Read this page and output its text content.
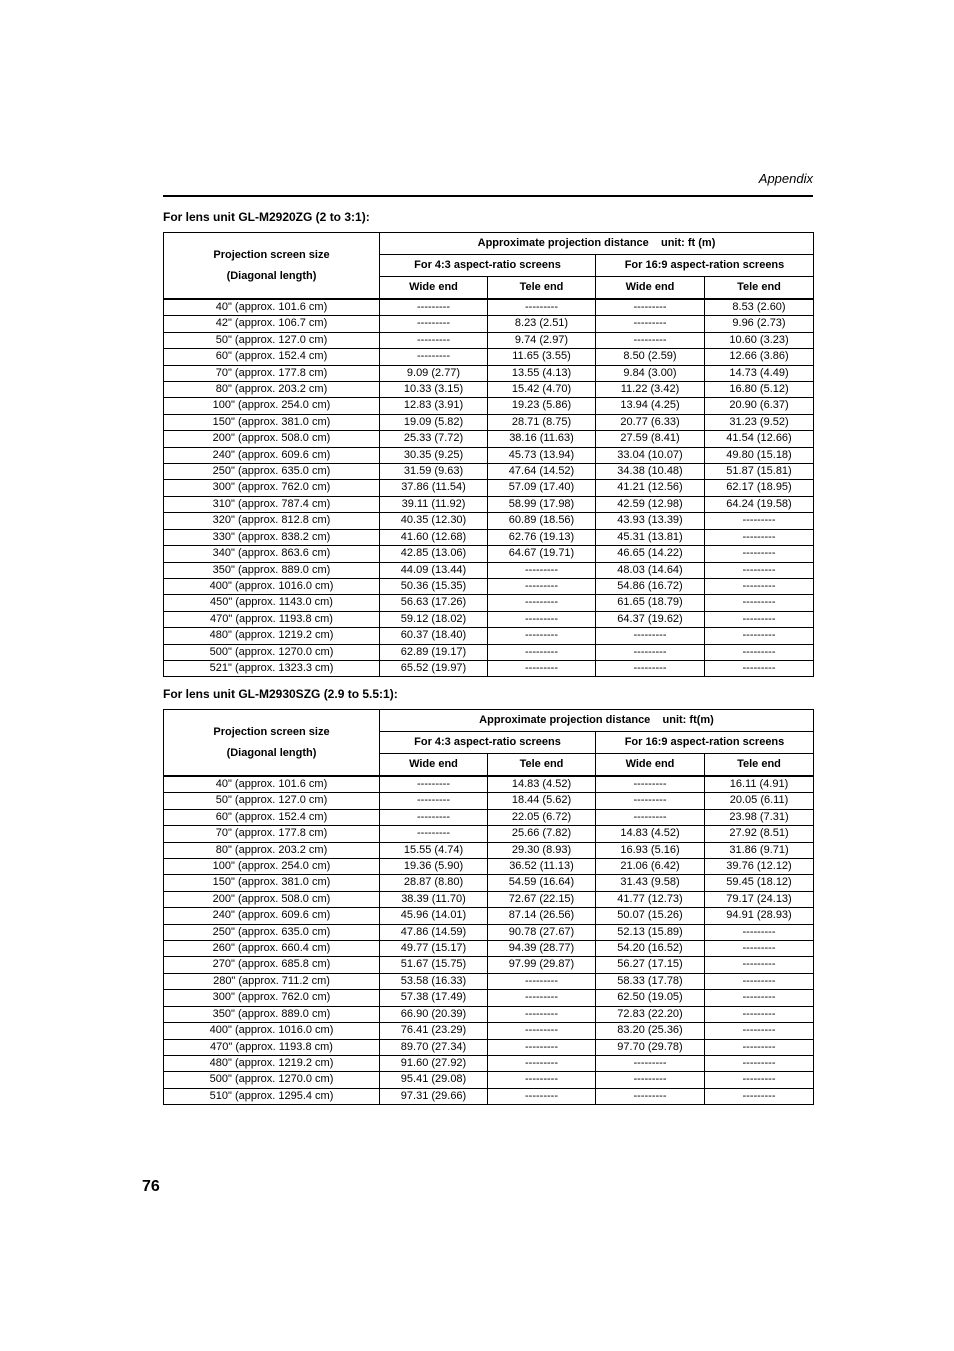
Appendix
For lens unit GL-M2920ZG (2 to 3:1):
Projection screen size
(Diagonal length)	Approximate projection distance    unit: ft (m)			
	For 4:3 aspect-ratio screens		For 16:9 aspect-ration screens	
	Wide end	Tele end	Wide end	Tele end
40" (approx. 101.6 cm)	---------	---------	---------	8.53 (2.60)
42" (approx. 106.7 cm)	---------	8.23 (2.51)	---------	9.96 (2.73)
50" (approx. 127.0 cm)	---------	9.74 (2.97)	---------	10.60 (3.23)
60" (approx. 152.4 cm)	---------	11.65 (3.55)	8.50 (2.59)	12.66 (3.86)
70" (approx. 177.8 cm)	9.09 (2.77)	13.55 (4.13)	9.84 (3.00)	14.73 (4.49)
80" (approx. 203.2 cm)	10.33 (3.15)	15.42 (4.70)	11.22 (3.42)	16.80 (5.12)
100" (approx. 254.0 cm)	12.83 (3.91)	19.23 (5.86)	13.94 (4.25)	20.90 (6.37)
150" (approx. 381.0 cm)	19.09 (5.82)	28.71 (8.75)	20.77 (6.33)	31.23 (9.52)
200" (approx. 508.0 cm)	25.33 (7.72)	38.16 (11.63)	27.59 (8.41)	41.54 (12.66)
240" (approx. 609.6 cm)	30.35 (9.25)	45.73 (13.94)	33.04 (10.07)	49.80 (15.18)
250" (approx. 635.0 cm)	31.59 (9.63)	47.64 (14.52)	34.38 (10.48)	51.87 (15.81)
300" (approx. 762.0 cm)	37.86 (11.54)	57.09 (17.40)	41.21 (12.56)	62.17 (18.95)
310" (approx. 787.4 cm)	39.11 (11.92)	58.99 (17.98)	42.59 (12.98)	64.24 (19.58)
320" (approx. 812.8 cm)	40.35 (12.30)	60.89 (18.56)	43.93 (13.39)	---------
330" (approx. 838.2 cm)	41.60 (12.68)	62.76 (19.13)	45.31 (13.81)	---------
340" (approx. 863.6 cm)	42.85 (13.06)	64.67 (19.71)	46.65 (14.22)	---------
350" (approx. 889.0 cm)	44.09 (13.44)	---------	48.03 (14.64)	---------
400" (approx. 1016.0 cm)	50.36 (15.35)	---------	54.86 (16.72)	---------
450" (approx. 1143.0 cm)	56.63 (17.26)	---------	61.65 (18.79)	---------
470" (approx. 1193.8 cm)	59.12 (18.02)	---------	64.37 (19.62)	---------
480" (approx. 1219.2 cm)	60.37 (18.40)	---------	---------	---------
500" (approx. 1270.0 cm)	62.89 (19.17)	---------	---------	---------
521" (approx. 1323.3 cm)	65.52 (19.97)	---------	---------	---------
For lens unit GL-M2930SZG (2.9 to 5.5:1):
Projection screen size
(Diagonal length)	Approximate projection distance    unit: ft(m)			
	For 4:3 aspect-ratio screens		For 16:9 aspect-ration screens	
	Wide end	Tele end	Wide end	Tele end
40" (approx. 101.6 cm)	---------	14.83 (4.52)	---------	16.11 (4.91)
50" (approx. 127.0 cm)	---------	18.44 (5.62)	---------	20.05 (6.11)
60" (approx. 152.4 cm)	---------	22.05 (6.72)	---------	23.98 (7.31)
70" (approx. 177.8 cm)	---------	25.66 (7.82)	14.83 (4.52)	27.92 (8.51)
80" (approx. 203.2 cm)	15.55 (4.74)	29.30 (8.93)	16.93 (5.16)	31.86 (9.71)
100" (approx. 254.0 cm)	19.36 (5.90)	36.52 (11.13)	21.06 (6.42)	39.76 (12.12)
150" (approx. 381.0 cm)	28.87 (8.80)	54.59 (16.64)	31.43 (9.58)	59.45 (18.12)
200" (approx. 508.0 cm)	38.39 (11.70)	72.67 (22.15)	41.77 (12.73)	79.17 (24.13)
240" (approx. 609.6 cm)	45.96 (14.01)	87.14 (26.56)	50.07 (15.26)	94.91 (28.93)
250" (approx. 635.0 cm)	47.86 (14.59)	90.78 (27.67)	52.13 (15.89)	---------
260" (approx. 660.4 cm)	49.77 (15.17)	94.39 (28.77)	54.20 (16.52)	---------
270" (approx. 685.8 cm)	51.67 (15.75)	97.99 (29.87)	56.27 (17.15)	---------
280" (approx. 711.2 cm)	53.58 (16.33)	---------	58.33 (17.78)	---------
300" (approx. 762.0 cm)	57.38 (17.49)	---------	62.50 (19.05)	---------
350" (approx. 889.0 cm)	66.90 (20.39)	---------	72.83 (22.20)	---------
400" (approx. 1016.0 cm)	76.41 (23.29)	---------	83.20 (25.36)	---------
470" (approx. 1193.8 cm)	89.70 (27.34)	---------	97.70 (29.78)	---------
480" (approx. 1219.2 cm)	91.60 (27.92)	---------	---------	---------
500" (approx. 1270.0 cm)	95.41 (29.08)	---------	---------	---------
510" (approx. 1295.4 cm)	97.31 (29.66)	---------	---------	---------
76
